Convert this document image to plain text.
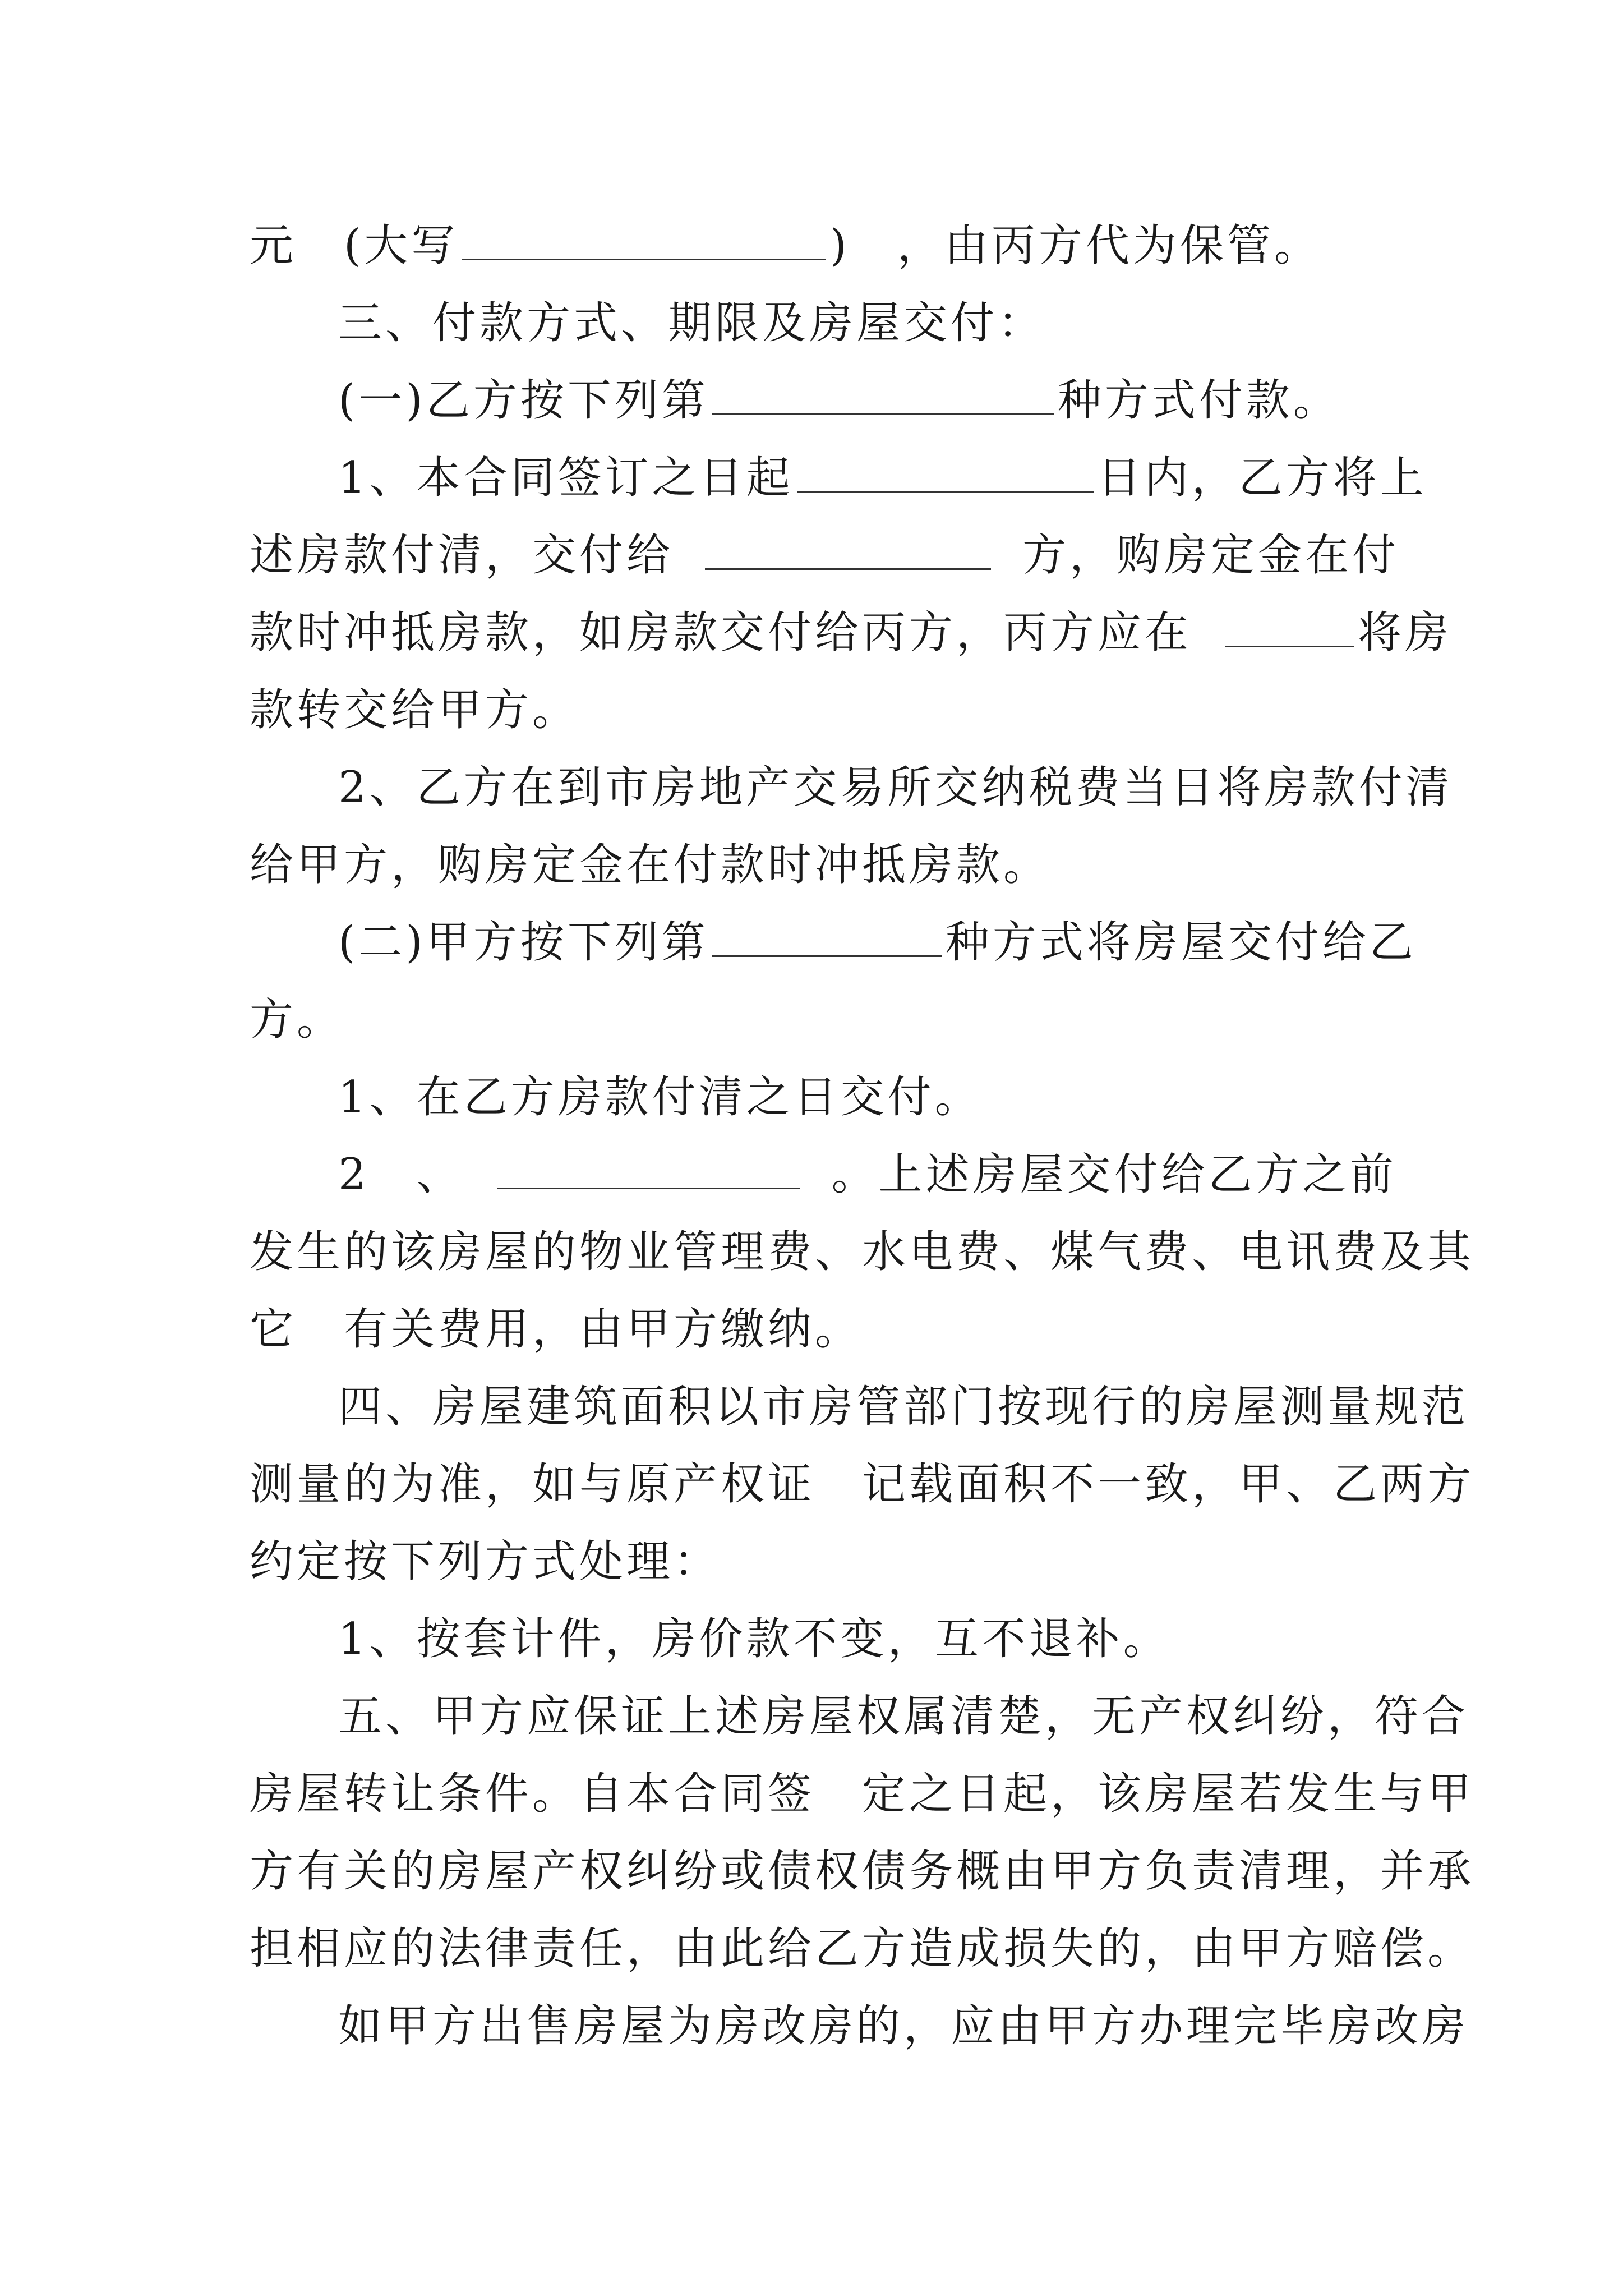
元　(大写	)　，由丙方代为保管。
三、付款方式、期限及房屋交付：
(一)乙方按下列第	种方式付款。
1、本合同签订之日起	日内，乙方将上
述房款付清，交付给	方，购房定金在付
款时冲抵房款，如房款交付给丙方，丙方应在	将房
款转交给甲方。
2、乙方在到市房地产交易所交纳税费当日将房款付清
给甲方，购房定金在付款时冲抵房款。
(二)甲方按下列第	种方式将房屋交付给乙
方。
1、在乙方房款付清之日交付。
2　、	。上述房屋交付给乙方之前
发生的该房屋的物业管理费、水电费、煤气费、电讯费及其
它　有关费用，由甲方缴纳。
四、房屋建筑面积以市房管部门按现行的房屋测量规范
测量的为准，如与原产权证　记载面积不一致，甲、乙两方
约定按下列方式处理：
1、按套计件，房价款不变，互不退补。
五、甲方应保证上述房屋权属清楚，无产权纠纷，符合
房屋转让条件。自本合同签　定之日起，该房屋若发生与甲
方有关的房屋产权纠纷或债权债务概由甲方负责清理，并承
担相应的法律责任，由此给乙方造成损失的，由甲方赔偿。
如甲方出售房屋为房改房的，应由甲方办理完毕房改房
